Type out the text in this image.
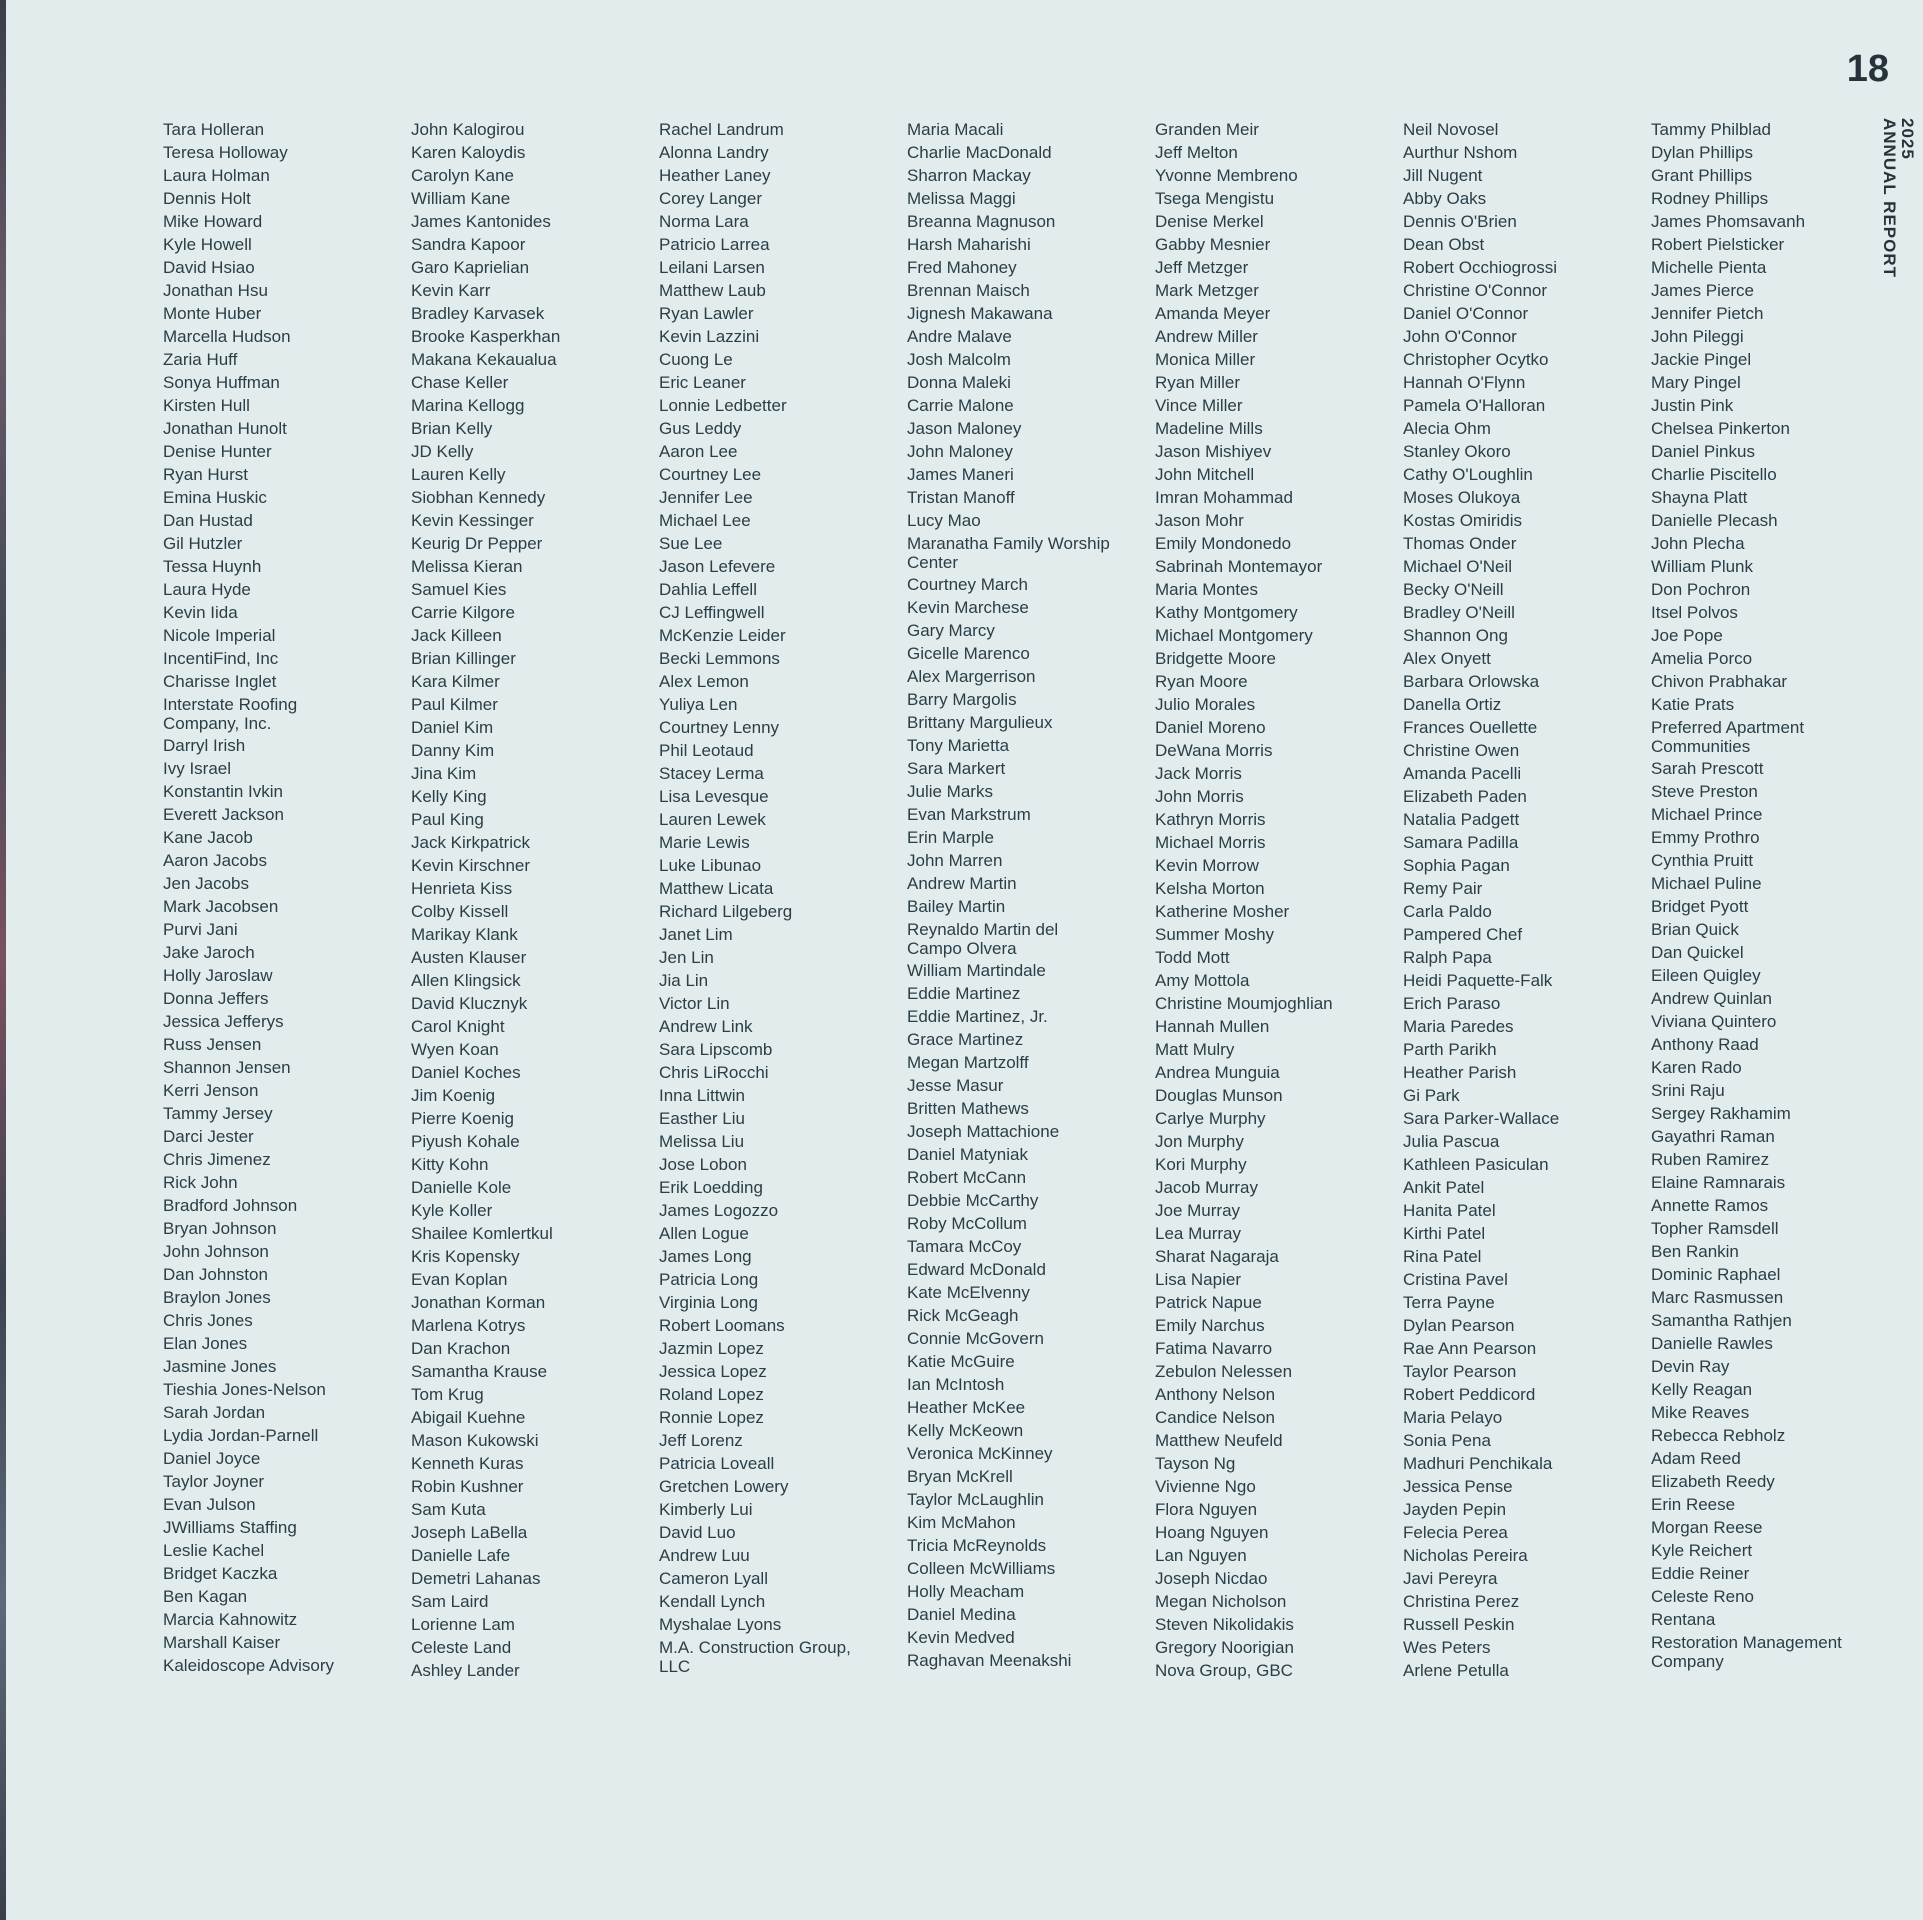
18
2025
ANNUAL REPORT
Tara Holleran
Teresa Holloway
Laura Holman
Dennis Holt
Mike Howard
Kyle Howell
David Hsiao
Jonathan Hsu
Monte Huber
Marcella Hudson
Zaria Huff
Sonya Huffman
Kirsten Hull
Jonathan Hunolt
Denise Hunter
Ryan Hurst
Emina Huskic
Dan Hustad
Gil Hutzler
Tessa Huynh
Laura Hyde
Kevin Iida
Nicole Imperial
IncentiFind, Inc
Charisse Inglet
Interstate Roofing Company, Inc.
Darryl Irish
Ivy Israel
Konstantin Ivkin
Everett Jackson
Kane Jacob
Aaron Jacobs
Jen Jacobs
Mark Jacobsen
Purvi Jani
Jake Jaroch
Holly Jaroslaw
Donna Jeffers
Jessica Jefferys
Russ Jensen
Shannon Jensen
Kerri Jenson
Tammy Jersey
Darci Jester
Chris Jimenez
Rick John
Bradford Johnson
Bryan Johnson
John Johnson
Dan Johnston
Braylon Jones
Chris Jones
Elan Jones
Jasmine Jones
Tieshia Jones-Nelson
Sarah Jordan
Lydia Jordan-Parnell
Daniel Joyce
Taylor Joyner
Evan Julson
JWilliams Staffing
Leslie Kachel
Bridget Kaczka
Ben Kagan
Marcia Kahnowitz
Marshall Kaiser
Kaleidoscope Advisory
John Kalogirou
Karen Kaloydis
Carolyn Kane
William Kane
James Kantonides
Sandra Kapoor
Garo Kaprielian
Kevin Karr
Bradley Karvasek
Brooke Kasperkhan
Makana Kekaualua
Chase Keller
Marina Kellogg
Brian Kelly
JD Kelly
Lauren Kelly
Siobhan Kennedy
Kevin Kessinger
Keurig Dr Pepper
Melissa Kieran
Samuel Kies
Carrie Kilgore
Jack Killeen
Brian Killinger
Kara Kilmer
Paul Kilmer
Daniel Kim
Danny Kim
Jina Kim
Kelly King
Paul King
Jack Kirkpatrick
Kevin Kirschner
Henrieta Kiss
Colby Kissell
Marikay Klank
Austen Klauser
Allen Klingsick
David Klucznyk
Carol Knight
Wyen Koan
Daniel Koches
Jim Koenig
Pierre Koenig
Piyush Kohale
Kitty Kohn
Danielle Kole
Kyle Koller
Shailee Komlertkul
Kris Kopensky
Evan Koplan
Jonathan Korman
Marlena Kotrys
Dan Krachon
Samantha Krause
Tom Krug
Abigail Kuehne
Mason Kukowski
Kenneth Kuras
Robin Kushner
Sam Kuta
Joseph LaBella
Danielle Lafe
Demetri Lahanas
Sam Laird
Lorienne Lam
Celeste Land
Ashley Lander
Rachel Landrum
Alonna Landry
Heather Laney
Corey Langer
Norma Lara
Patricio Larrea
Leilani Larsen
Matthew Laub
Ryan Lawler
Kevin Lazzini
Cuong Le
Eric Leaner
Lonnie Ledbetter
Gus Leddy
Aaron Lee
Courtney Lee
Jennifer Lee
Michael Lee
Sue Lee
Jason Lefevere
Dahlia Leffell
CJ Leffingwell
McKenzie Leider
Becki Lemmons
Alex Lemon
Yuliya Len
Courtney Lenny
Phil Leotaud
Stacey Lerma
Lisa Levesque
Lauren Lewek
Marie Lewis
Luke Libunao
Matthew Licata
Richard Lilgeberg
Janet Lim
Jen Lin
Jia Lin
Victor Lin
Andrew Link
Sara Lipscomb
Chris LiRocchi
Inna Littwin
Easther Liu
Melissa Liu
Jose Lobon
Erik Loedding
James Logozzo
Allen Logue
James Long
Patricia Long
Virginia Long
Robert Loomans
Jazmin Lopez
Jessica Lopez
Roland Lopez
Ronnie Lopez
Jeff Lorenz
Patricia Loveall
Gretchen Lowery
Kimberly Lui
David Luo
Andrew Luu
Cameron Lyall
Kendall Lynch
Myshalae Lyons
M.A. Construction Group, LLC
Maria Macali
Charlie MacDonald
Sharron Mackay
Melissa Maggi
Breanna Magnuson
Harsh Maharishi
Fred Mahoney
Brennan Maisch
Jignesh Makawana
Andre Malave
Josh Malcolm
Donna Maleki
Carrie Malone
Jason Maloney
John Maloney
James Maneri
Tristan Manoff
Lucy Mao
Maranatha Family Worship Center
Courtney March
Kevin Marchese
Gary Marcy
Gicelle Marenco
Alex Margerrison
Barry Margolis
Brittany Margulieux
Tony Marietta
Sara Markert
Julie Marks
Evan Markstrum
Erin Marple
John Marren
Andrew Martin
Bailey Martin
Reynaldo Martin del Campo Olvera
William Martindale
Eddie Martinez
Eddie Martinez, Jr.
Grace Martinez
Megan Martzolff
Jesse Masur
Britten Mathews
Joseph Mattachione
Daniel Matyniak
Robert McCann
Debbie McCarthy
Roby McCollum
Tamara McCoy
Edward McDonald
Kate McElvenny
Rick McGeagh
Connie McGovern
Katie McGuire
Ian McIntosh
Heather McKee
Kelly McKeown
Veronica McKinney
Bryan McKrell
Taylor McLaughlin
Kim McMahon
Tricia McReynolds
Colleen McWilliams
Holly Meacham
Daniel Medina
Kevin Medved
Raghavan Meenakshi
Granden Meir
Jeff Melton
Yvonne Membreno
Tsega Mengistu
Denise Merkel
Gabby Mesnier
Jeff Metzger
Mark Metzger
Amanda Meyer
Andrew Miller
Monica Miller
Ryan Miller
Vince Miller
Madeline Mills
Jason Mishiyev
John Mitchell
Imran Mohammad
Jason Mohr
Emily Mondonedo
Sabrinah Montemayor
Maria Montes
Kathy Montgomery
Michael Montgomery
Bridgette Moore
Ryan Moore
Julio Morales
Daniel Moreno
DeWana Morris
Jack Morris
John Morris
Kathryn Morris
Michael Morris
Kevin Morrow
Kelsha Morton
Katherine Mosher
Summer Moshy
Todd Mott
Amy Mottola
Christine Moumjoghlian
Hannah Mullen
Matt Mulry
Andrea Munguia
Douglas Munson
Carlye Murphy
Jon Murphy
Kori Murphy
Jacob Murray
Joe Murray
Lea Murray
Sharat Nagaraja
Lisa Napier
Patrick Napue
Emily Narchus
Fatima Navarro
Zebulon Nelessen
Anthony Nelson
Candice Nelson
Matthew Neufeld
Tayson Ng
Vivienne Ngo
Flora Nguyen
Hoang Nguyen
Lan Nguyen
Joseph Nicdao
Megan Nicholson
Steven Nikolidakis
Gregory Noorigian
Nova Group, GBC
Neil Novosel
Aurthur Nshom
Jill Nugent
Abby Oaks
Dennis O'Brien
Dean Obst
Robert Occhiogrossi
Christine O'Connor
Daniel O'Connor
John O'Connor
Christopher Ocytko
Hannah O'Flynn
Pamela O'Halloran
Alecia Ohm
Stanley Okoro
Cathy O'Loughlin
Moses Olukoya
Kostas Omiridis
Thomas Onder
Michael O'Neil
Becky O'Neill
Bradley O'Neill
Shannon Ong
Alex Onyett
Barbara Orlowska
Danella Ortiz
Frances Ouellette
Christine Owen
Amanda Pacelli
Elizabeth Paden
Natalia Padgett
Samara Padilla
Sophia Pagan
Remy Pair
Carla Paldo
Pampered Chef
Ralph Papa
Heidi Paquette-Falk
Erich Paraso
Maria Paredes
Parth Parikh
Heather Parish
Gi Park
Sara Parker-Wallace
Julia Pascua
Kathleen Pasiculan
Ankit Patel
Hanita Patel
Kirthi Patel
Rina Patel
Cristina Pavel
Terra Payne
Dylan Pearson
Rae Ann Pearson
Taylor Pearson
Robert Peddicord
Maria Pelayo
Sonia Pena
Madhuri Penchikala
Jessica Pense
Jayden Pepin
Felecia Perea
Nicholas Pereira
Javi Pereyra
Christina Perez
Russell Peskin
Wes Peters
Arlene Petulla
Tammy Philblad
Dylan Phillips
Grant Phillips
Rodney Phillips
James Phomsavanh
Robert Pielsticker
Michelle Pienta
James Pierce
Jennifer Pietch
John Pileggi
Jackie Pingel
Mary Pingel
Justin Pink
Chelsea Pinkerton
Daniel Pinkus
Charlie Piscitello
Shayna Platt
Danielle Plecash
John Plecha
William Plunk
Don Pochron
Itsel Polvos
Joe Pope
Amelia Porco
Chivon Prabhakar
Katie Prats
Preferred Apartment Communities
Sarah Prescott
Steve Preston
Michael Prince
Emmy Prothro
Cynthia Pruitt
Michael Puline
Bridget Pyott
Brian Quick
Dan Quickel
Eileen Quigley
Andrew Quinlan
Viviana Quintero
Anthony Raad
Karen Rado
Srini Raju
Sergey Rakhamim
Gayathri Raman
Ruben Ramirez
Elaine Ramnarais
Annette Ramos
Topher Ramsdell
Ben Rankin
Dominic Raphael
Marc Rasmussen
Samantha Rathjen
Danielle Rawles
Devin Ray
Kelly Reagan
Mike Reaves
Rebecca Rebholz
Adam Reed
Elizabeth Reedy
Erin Reese
Morgan Reese
Kyle Reichert
Eddie Reiner
Celeste Reno
Rentana
Restoration Management Company
